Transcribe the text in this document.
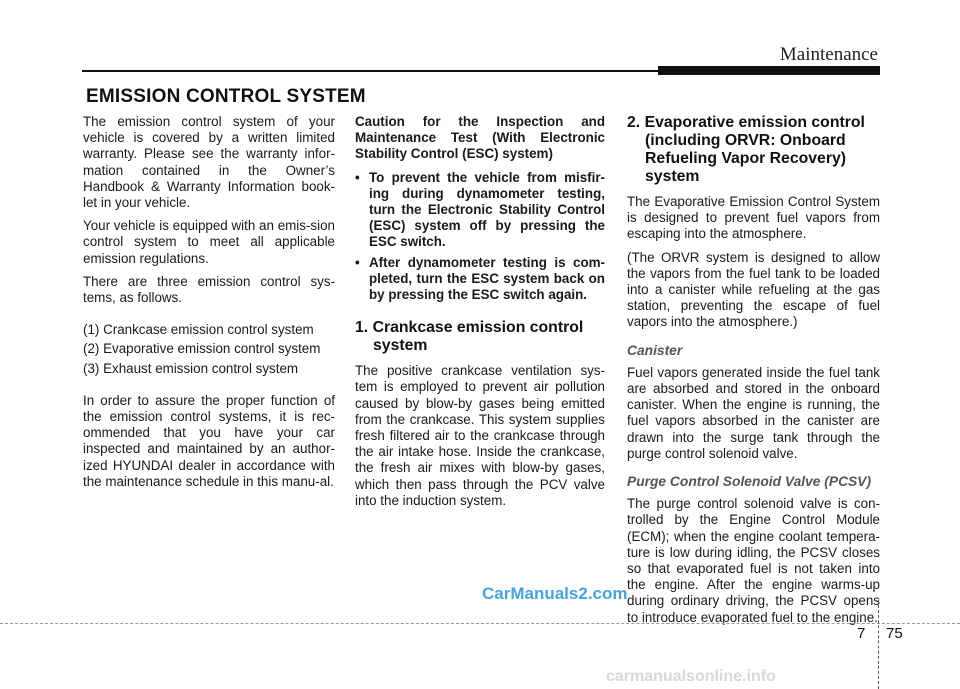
Maintenance
EMISSION CONTROL SYSTEM

The emission control system of your vehicle is covered by a written limited warranty. Please see the warranty infor-mation contained in the Owner’s Handbook & Warranty Information book-let in your vehicle.

Your vehicle is equipped with an emis-sion control system to meet all applicable emission regulations.

There are three emission control sys-tems, as follows.

(1) Crankcase emission control system

(2) Evaporative emission control system

(3) Exhaust emission control system

In order to assure the proper function of the emission control systems, it is rec-ommended that you have your car inspected and maintained by an author-ized HYUNDAI dealer in accordance with the maintenance schedule in this manu-al.

Caution for the Inspection and Maintenance Test (With Electronic Stability Control (ESC) system)

• To prevent the vehicle from misfir-ing during dynamometer testing, turn the Electronic Stability Control (ESC) system off by pressing the ESC switch.
• After dynamometer testing is com-pleted, turn the ESC system back on by pressing the ESC switch again.
1. Crankcase emission control system

The positive crankcase ventilation sys-tem is employed to prevent air pollution caused by blow-by gases being emitted from the crankcase. This system supplies fresh filtered air to the crankcase through the air intake hose. Inside the crankcase, the fresh air mixes with blow-by gases, which then pass through the PCV valve into the induction system.

2. Evaporative emission control (including ORVR: Onboard Refueling Vapor Recovery) system

The Evaporative Emission Control System is designed to prevent fuel vapors from escaping into the atmosphere.

(The ORVR system is designed to allow the vapors from the fuel tank to be loaded into a canister while refueling at the gas station, preventing the escape of fuel vapors into the atmosphere.)

Canister

Fuel vapors generated inside the fuel tank are absorbed and stored in the onboard canister. When the engine is running, the fuel vapors absorbed in the canister are drawn into the surge tank through the purge control solenoid valve.

Purge Control Solenoid Valve (PCSV)

The purge control solenoid valve is con-trolled by the Engine Control Module (ECM); when the engine coolant tempera-ture is low during idling, the PCSV closes so that evaporated fuel is not taken into the engine. After the engine warms-up during ordinary driving, the PCSV opens to introduce evaporated fuel to the engine.

CarManuals2.com
7 75
carmanualsonline.info
